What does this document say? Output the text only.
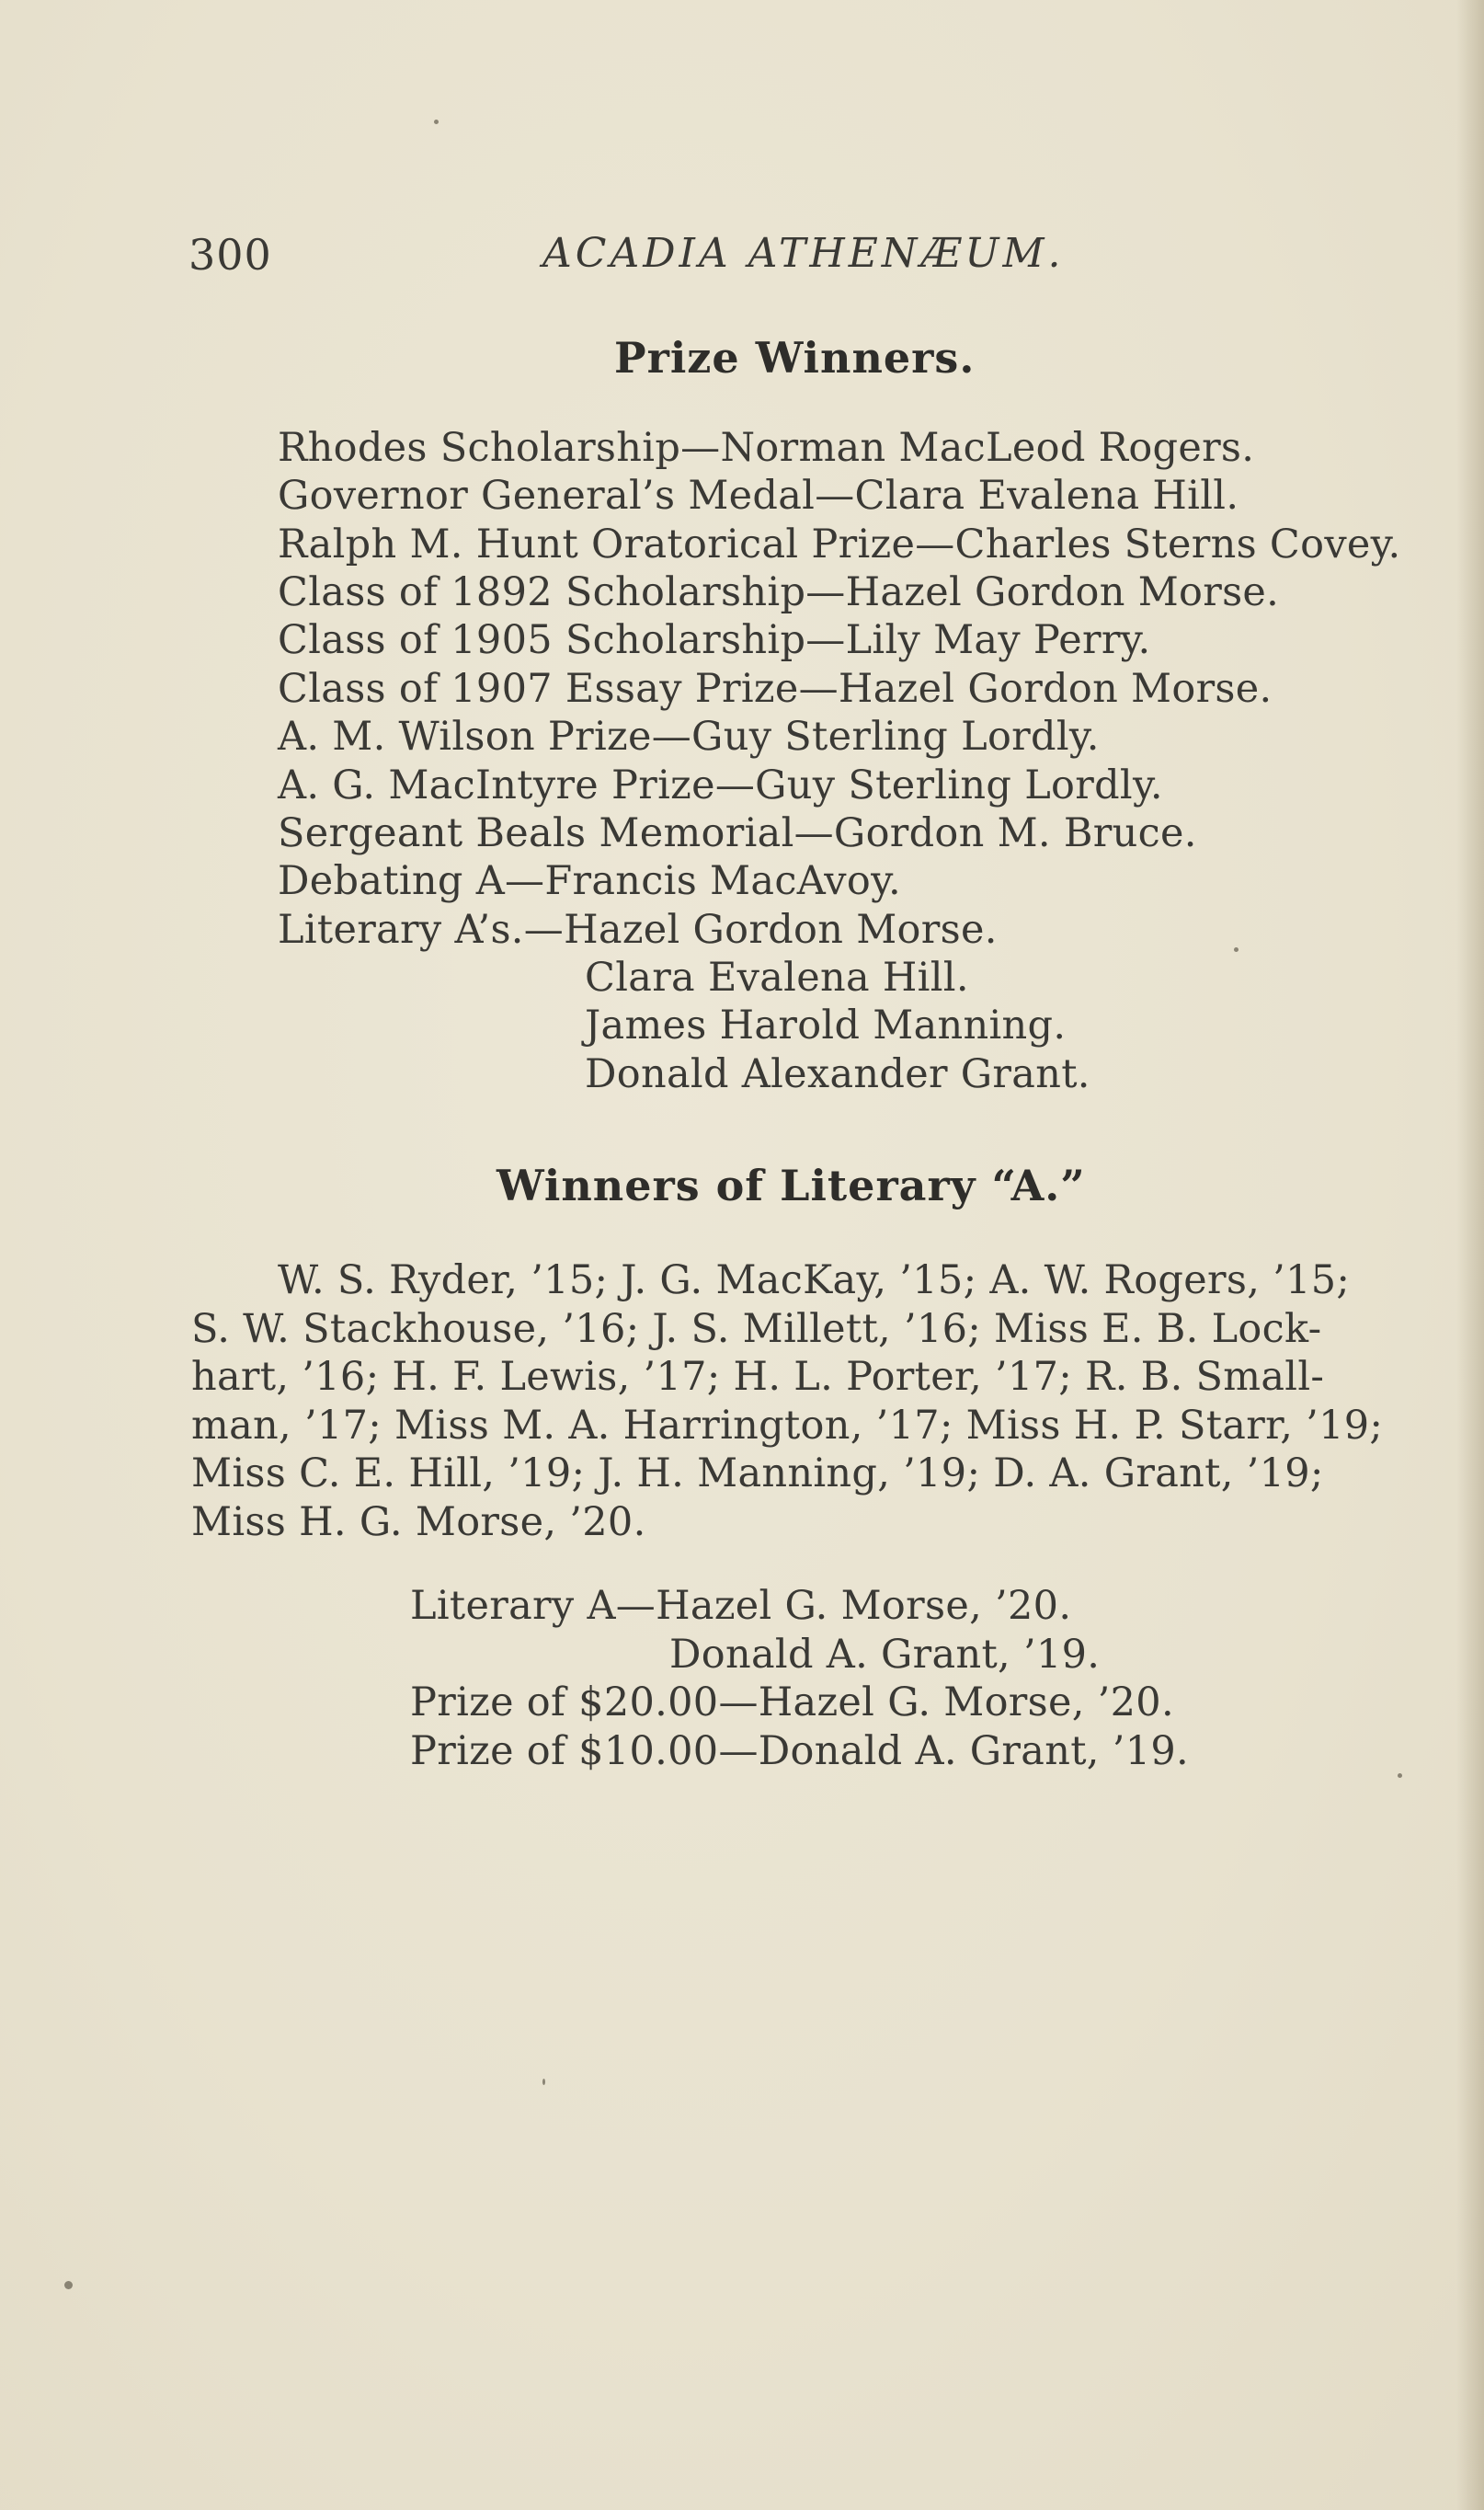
300	ACADIA ATHENÆUM.
Prize Winners.
Rhodes Scholarship—Norman MacLeod Rogers.
Governor General’s Medal—Clara Evalena Hill.
Ralph M. Hunt Oratorical Prize—Charles Sterns Covey.
Class of 1892 Scholarship—Hazel Gordon Morse.
Class of 1905 Scholarship—Lily May Perry.
Class of 1907 Essay Prize—Hazel Gordon Morse.
A. M. Wilson Prize—Guy Sterling Lordly.
A. G. MacIntyre Prize—Guy Sterling Lordly.
Sergeant Beals Memorial—Gordon M. Bruce.
Debating A—Francis MacAvoy.
Literary A’s.—Hazel Gordon Morse.
Clara Evalena Hill.
James Harold Manning.
Donald Alexander Grant.
Winners of Literary “A.”
W. S. Ryder, ’15; J. G. MacKay, ’15; A. W. Rogers, ’15;
S. W. Stackhouse, ’16; J. S. Millett, ’16; Miss E. B. Lock-
hart, ’16; H. F. Lewis, ’17; H. L. Porter, ’17; R. B. Small-
man, ’17; Miss M. A. Harrington, ’17; Miss H. P. Starr, ’19;
Miss C. E. Hill, ’19; J. H. Manning, ’19; D. A. Grant, ’19;
Miss H. G. Morse, ’20.
Literary A—Hazel G. Morse, ’20.
Donald A. Grant, ’19.
Prize of $20.00—Hazel G. Morse, ’20.
Prize of $10.00—Donald A. Grant, ’19.
